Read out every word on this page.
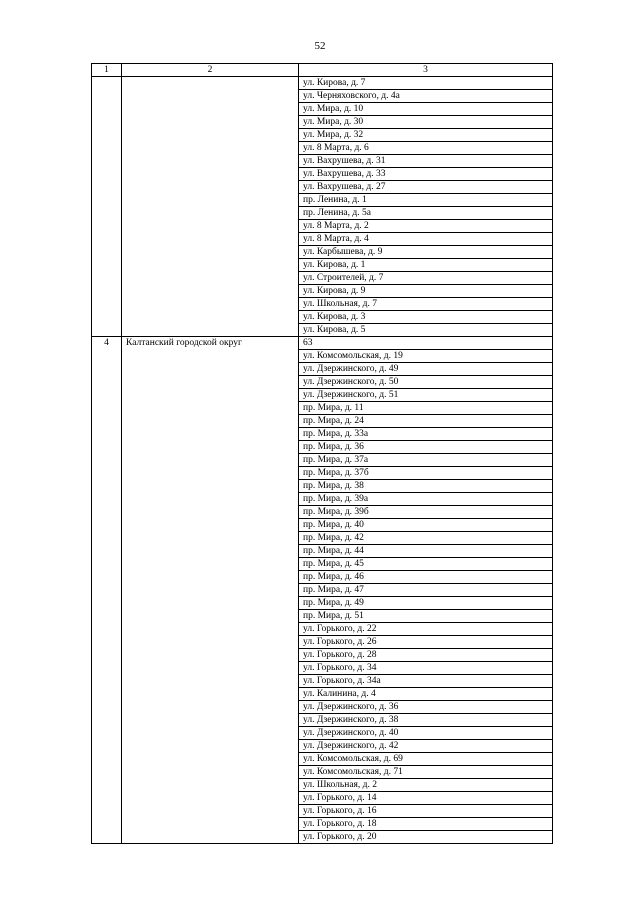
52
1	2	3
		ул. Кирова, д. 7
		ул. Черняховского, д. 4а
		ул. Мира, д. 10
		ул. Мира, д. 30
		ул. Мира, д. 32
		ул. 8 Марта, д. 6
		ул. Вахрушева, д. 31
		ул. Вахрушева, д. 33
		ул. Вахрушева, д. 27
		пр. Ленина, д. 1
		пр. Ленина, д. 5а
		ул. 8 Марта, д. 2
		ул. 8 Марта, д. 4
		ул. Карбышева, д. 9
		ул. Кирова, д. 1
		ул. Строителей, д. 7
		ул. Кирова, д. 9
		ул. Школьная, д. 7
		ул. Кирова, д. 3
		ул. Кирова, д. 5
4	Калтанский городской округ	63
		ул. Комсомольская, д. 19
		ул. Дзержинского, д. 49
		ул. Дзержинского, д. 50
		ул. Дзержинского, д. 51
		пр. Мира, д. 11
		пр. Мира, д. 24
		пр. Мира, д. 33а
		пр. Мира, д. 36
		пр. Мира, д. 37а
		пр. Мира, д. 37б
		пр. Мира, д. 38
		пр. Мира, д. 39а
		пр. Мира, д. 39б
		пр. Мира, д. 40
		пр. Мира, д. 42
		пр. Мира, д. 44
		пр. Мира, д. 45
		пр. Мира, д. 46
		пр. Мира, д. 47
		пр. Мира, д. 49
		пр. Мира, д. 51
		ул. Горького, д. 22
		ул. Горького, д. 26
		ул. Горького, д. 28
		ул. Горького, д. 34
		ул. Горького, д. 34а
		ул. Калинина, д. 4
		ул. Дзержинского, д. 36
		ул. Дзержинского, д. 38
		ул. Дзержинского, д. 40
		ул. Дзержинского, д. 42
		ул. Комсомольская, д. 69
		ул. Комсомольская, д. 71
		ул. Школьная, д. 2
		ул. Горького, д. 14
		ул. Горького, д. 16
		ул. Горького, д. 18
		ул. Горького, д. 20
